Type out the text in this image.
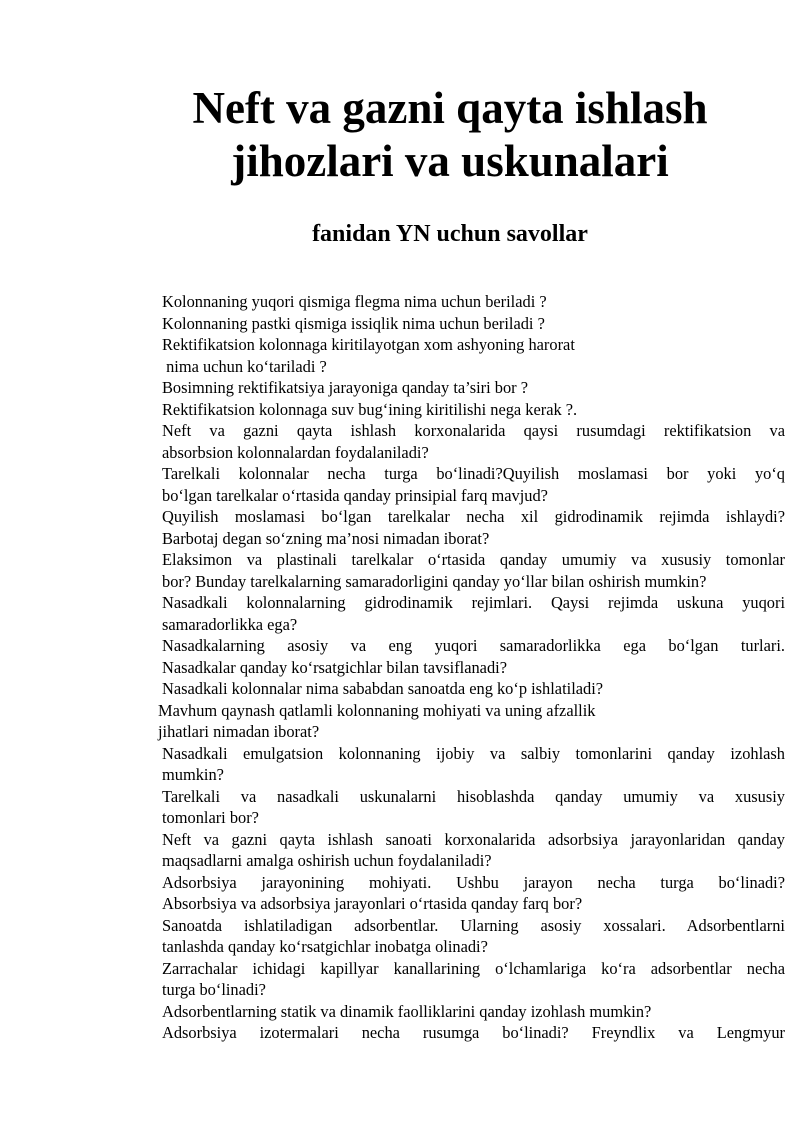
Neft va gazni qayta ishlash
jihozlari va uskunalari
fanidan YN uchun savollar
Kolonnaning yuqori qismiga flegma nima uchun beriladi ?
Kolonnaning pastki qismiga issiqlik nima uchun beriladi ?
Rektifikatsion kolonnaga kiritilayotgan xom ashyoning harorat
nima uchun ko‘tariladi ?
Bosimning rektifikatsiya jarayoniga qanday ta’siri bor ?
Rektifikatsion kolonnaga suv bug‘ining kiritilishi nega kerak ?.
Neft va gazni qayta ishlash korxonalarida qaysi rusumdagi rektifikatsion va
absorbsion kolonnalardan foydalaniladi?
Tarelkali kolonnalar necha turga bo‘linadi?Quyilish moslamasi bor yoki yo‘q
bo‘lgan tarelkalar o‘rtasida qanday prinsipial farq mavjud?
Quyilish moslamasi bo‘lgan tarelkalar necha xil gidrodinamik rejimda ishlaydi?
Barbotaj degan so‘zning ma’nosi nimadan iborat?
Elaksimon va plastinali tarelkalar o‘rtasida qanday umumiy va xususiy tomonlar
bor? Bunday tarelkalarning samaradorligini qanday yo‘llar bilan oshirish mumkin?
Nasadkali kolonnalarning gidrodinamik rejimlari. Qaysi rejimda uskuna yuqori
samaradorlikka ega?
Nasadkalarning asosiy va eng yuqori samaradorlikka ega bo‘lgan turlari.
Nasadkalar qanday ko‘rsatgichlar bilan tavsiflanadi?
Nasadkali kolonnalar nima sababdan sanoatda eng ko‘p ishlatiladi?
Mavhum qaynash qatlamli kolonnaning mohiyati va uning afzallik
jihatlari nimadan iborat?
Nasadkali emulgatsion kolonnaning ijobiy va salbiy tomonlarini qanday izohlash
mumkin?
Tarelkali va nasadkali uskunalarni hisoblashda qanday umumiy va xususiy
tomonlari bor?
Neft va gazni qayta ishlash sanoati korxonalarida adsorbsiya jarayonlaridan qanday
maqsadlarni amalga oshirish uchun foydalaniladi?
Adsorbsiya jarayonining mohiyati. Ushbu jarayon necha turga bo‘linadi?
Absorbsiya va adsorbsiya jarayonlari o‘rtasida qanday farq bor?
Sanoatda ishlatiladigan adsorbentlar. Ularning asosiy xossalari. Adsorbentlarni
tanlashda qanday ko‘rsatgichlar inobatga olinadi?
Zarrachalar ichidagi kapillyar kanallarining o‘lchamlariga ko‘ra adsorbentlar necha
turga bo‘linadi?
Adsorbentlarning statik va dinamik faolliklarini qanday izohlash mumkin?
Adsorbsiya izotermalari necha rusumga bo‘linadi? Freyndlix va Lengmyur
